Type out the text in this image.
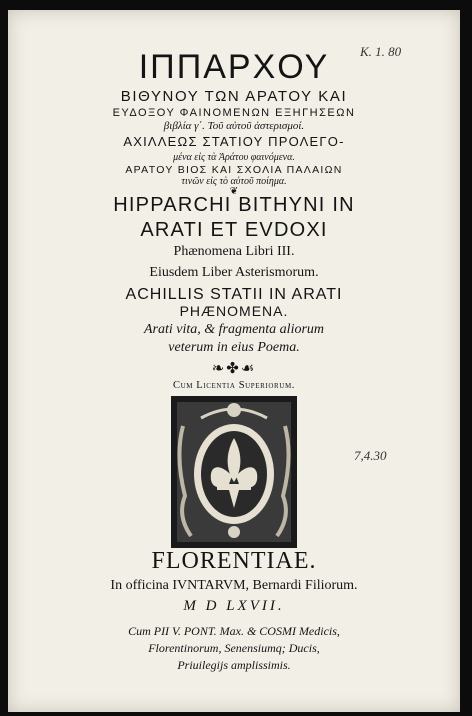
K. 1. 80
ΙΠΠΑΡΧΟΥ
ΒΙΘΥΝΟΥ ΤΩΝ ΑΡΑΤΟΥ ΚΑΙ
ΕΥΔΟΞΟΥ ΦΑΙΝΟΜΕΝΩΝ ΕΞΗΓΗΣΕΩΝ
βιβλία γ΄. Τοῦ αὐτοῦ ἀστερισμοί.
ΑΧΙΛΛΕΩΣ ΣΤΑΤΙΟΥ ΠΡΟΛΕΓΟ-
μένα εἰς τὰ Ἀράτου φαινόμενα.
ΑΡΑΤΟΥ ΒΙΟΣ ΚΑΙ ΣΧΟΛΙΑ ΠΑΛΑΙΩΝ
τινῶν εἰς τὸ αὐτοῦ ποίημα.
❦
HIPPARCHI BITHYNI IN
ARATI ET EVDOXI
Phænomena Libri III.
Eiusdem Liber Asterismorum.
ACHILLIS STATII IN ARATI
PHÆNOMENA.
Arati vita, & fragmenta aliorum
veterum in eius Poema.
❧✤☙
Cum Licentia Superiorum.
7,4.30
FLORENTIAE.
In officina IVNTARVM, Bernardi Filiorum.
M D LXVII.
Cum PII V. PONT. Max. & COSMI Medicis,
Florentinorum, Senensiumq; Ducis,
Priuilegijs amplissimis.
